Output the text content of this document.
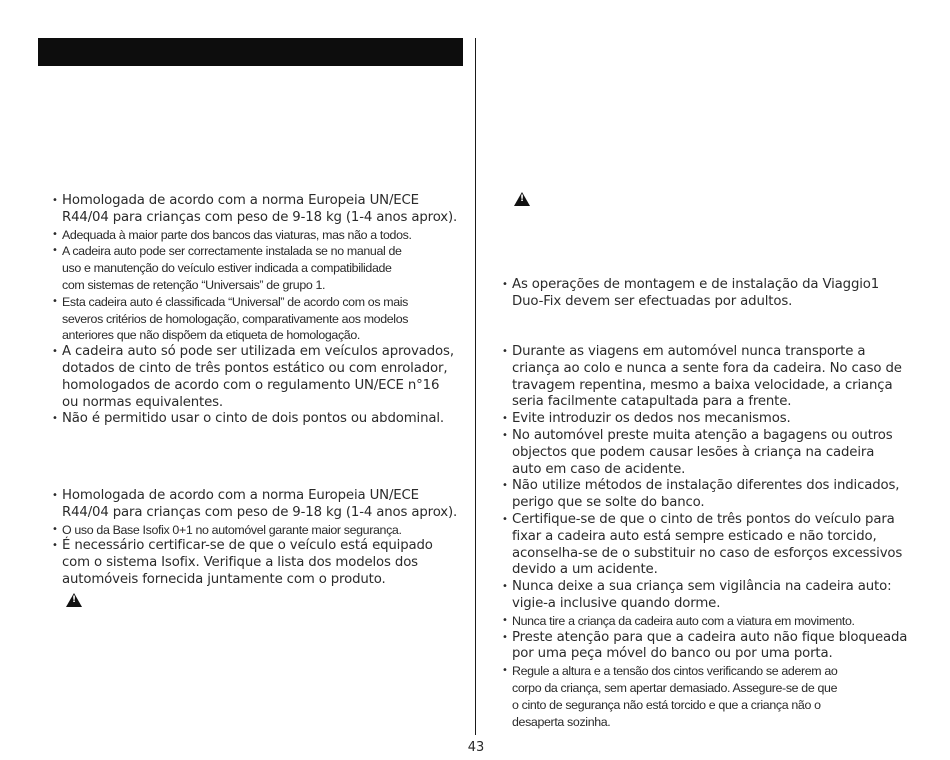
• Homologada de acordo com a norma Europeia UN/ECE
R44/04 para crianças com peso de 9-18 kg (1-4 anos aprox).
• Adequada à maior parte dos bancos das viaturas, mas não a todos.
• A cadeira auto pode ser correctamente instalada se no manual de
uso e manutenção do veículo estiver indicada a compatibilidade
com sistemas de retenção “Universais” de grupo 1.
• Esta cadeira auto é classificada “Universal” de acordo com os mais
severos critérios de homologação, comparativamente aos modelos
anteriores que não dispõem da etiqueta de homologação.
• A cadeira auto só pode ser utilizada em veículos aprovados,
dotados de cinto de três pontos estático ou com enrolador,
homologados de acordo com o regulamento UN/ECE n°16
ou normas equivalentes.
• Não é permitido usar o cinto de dois pontos ou abdominal.
• Homologada de acordo com a norma Europeia UN/ECE
R44/04 para crianças com peso de 9-18 kg (1-4 anos aprox).
• O uso da Base Isofix 0+1 no automóvel garante maior segurança.
• É necessário certificar-se de que o veículo está equipado
com o sistema Isofix. Verifique a lista dos modelos dos
automóveis fornecida juntamente com o produto.
!
!
• As operações de montagem e de instalação da Viaggio1
Duo-Fix devem ser efectuadas por adultos.
• Durante as viagens em automóvel nunca transporte a
criança ao colo e nunca a sente fora da cadeira. No caso de
travagem repentina, mesmo a baixa velocidade, a criança
seria facilmente catapultada para a frente.
• Evite introduzir os dedos nos mecanismos.
• No automóvel preste muita atenção a bagagens ou outros
objectos que podem causar lesões à criança na cadeira
auto em caso de acidente.
• Não utilize métodos de instalação diferentes dos indicados,
perigo que se solte do banco.
• Certifique-se de que o cinto de três pontos do veículo para
fixar a cadeira auto está sempre esticado e não torcido,
aconselha-se de o substituir no caso de esforços excessivos
devido a um acidente.
• Nunca deixe a sua criança sem vigilância na cadeira auto:
vigie-a inclusive quando dorme.
• Nunca tire a criança da cadeira auto com a viatura em movimento.
• Preste atenção para que a cadeira auto não fique bloqueada
por uma peça móvel do banco ou por uma porta.
• Regule a altura e a tensão dos cintos verificando se aderem ao
corpo da criança, sem apertar demasiado. Assegure-se de que
o cinto de segurança não está torcido e que a criança não o
desaperta sozinha.
43
